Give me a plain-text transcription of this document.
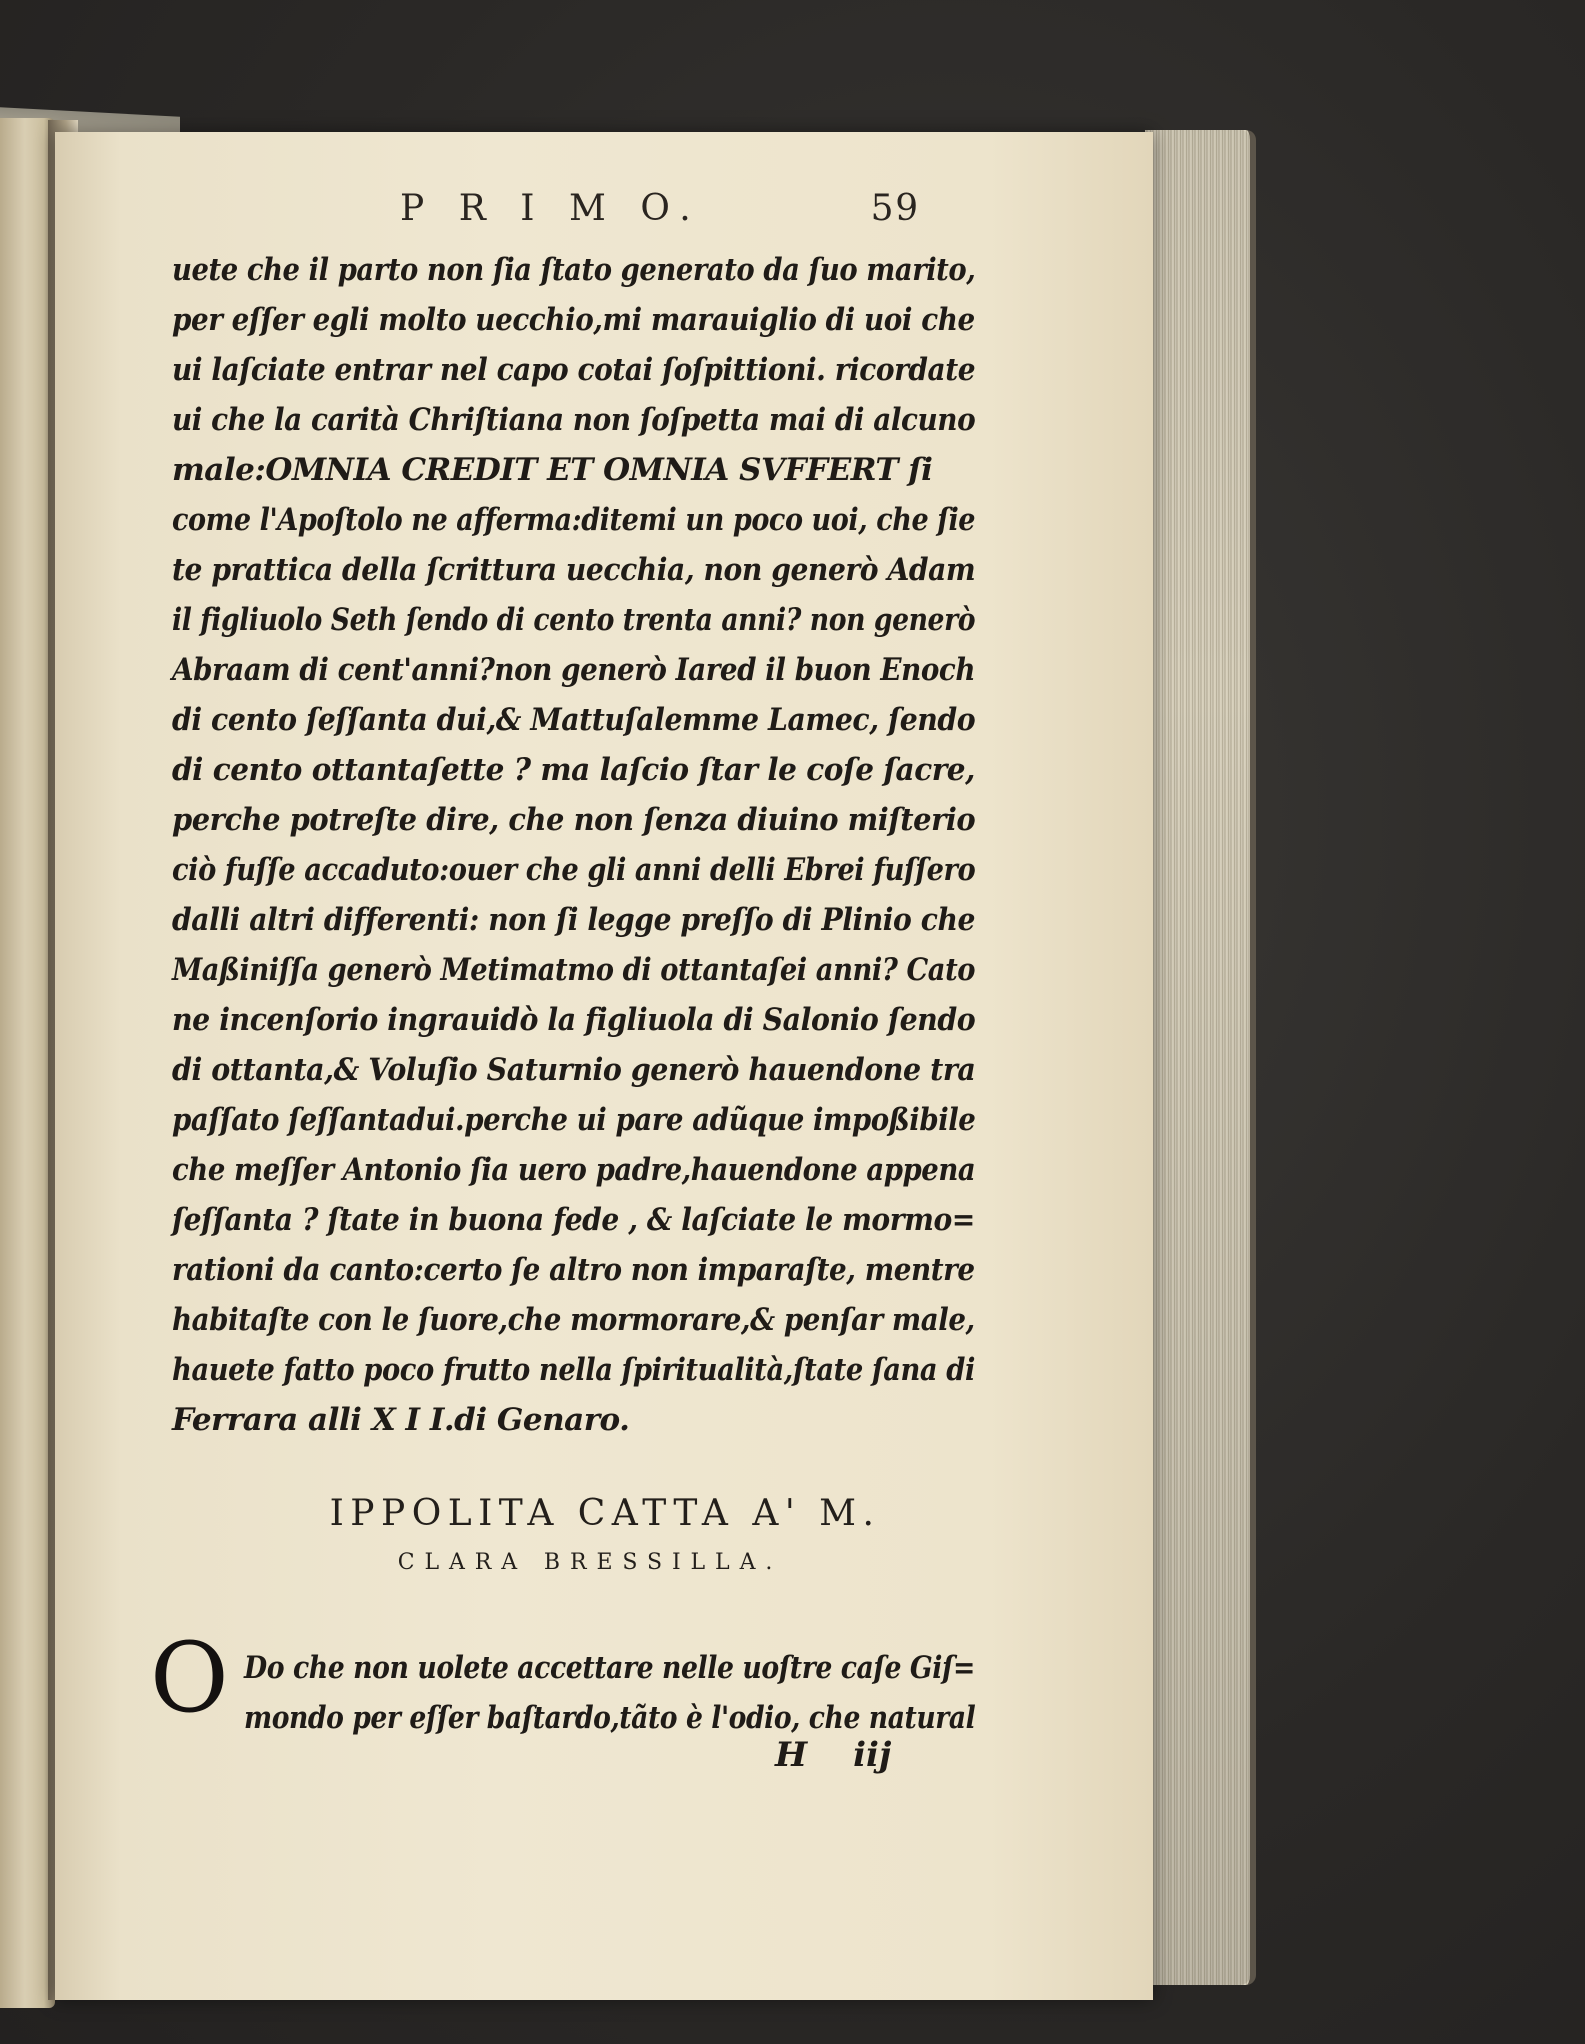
P R I M O.	59
uete che il parto non ſia ſtato generato da ſuo marito,
per eſſer egli molto uecchio,mi marauiglio di uoi che
ui laſciate entrar nel capo cotai ſoſpittioni. ricordate
ui che la carità Chriſtiana non ſoſpetta mai di alcuno
male:OMNIA CREDIT ET OMNIA SVFFERT ſi
come l'Apoſtolo ne afferma:ditemi un poco uoi, che ſie
te prattica della ſcrittura uecchia, non generò Adam
il figliuolo Seth ſendo di cento trenta anni? non generò
Abraam di cent'anni?non generò Iared il buon Enoch
di cento ſeſſanta dui,& Mattuſalemme Lamec, ſendo
di cento ottantaſette ? ma laſcio ſtar le coſe ſacre,
perche potreſte dire, che non ſenza diuino miſterio
ciò fuſſe accaduto:ouer che gli anni delli Ebrei fuſſero
dalli altri differenti: non ſi legge preſſo di Plinio che
Maßiniſſa generò Metimatmo di ottantaſei anni? Cato
ne incenſorio ingrauidò la figliuola di Salonio ſendo
di ottanta,& Voluſio Saturnio generò hauendone tra
paſſato ſeſſantadui.perche ui pare adũque impoßibile
che meſſer Antonio ſia uero padre,hauendone appena
ſeſſanta ? ſtate in buona fede , & laſciate le mormo=
rationi da canto:certo ſe altro non imparaſte, mentre
habitaſte con le ſuore,che mormorare,& penſar male,
hauete fatto poco frutto nella ſpiritualità,ſtate ſana di
Ferrara alli X I I.di Genaro.
IPPOLITA CATTA A' M.
CLARA BRESSILLA.
O Do che non uolete accettare nelle uoſtre caſe Giſ=
mondo per eſſer baſtardo,tãto è l'odio, che natural
H iij
